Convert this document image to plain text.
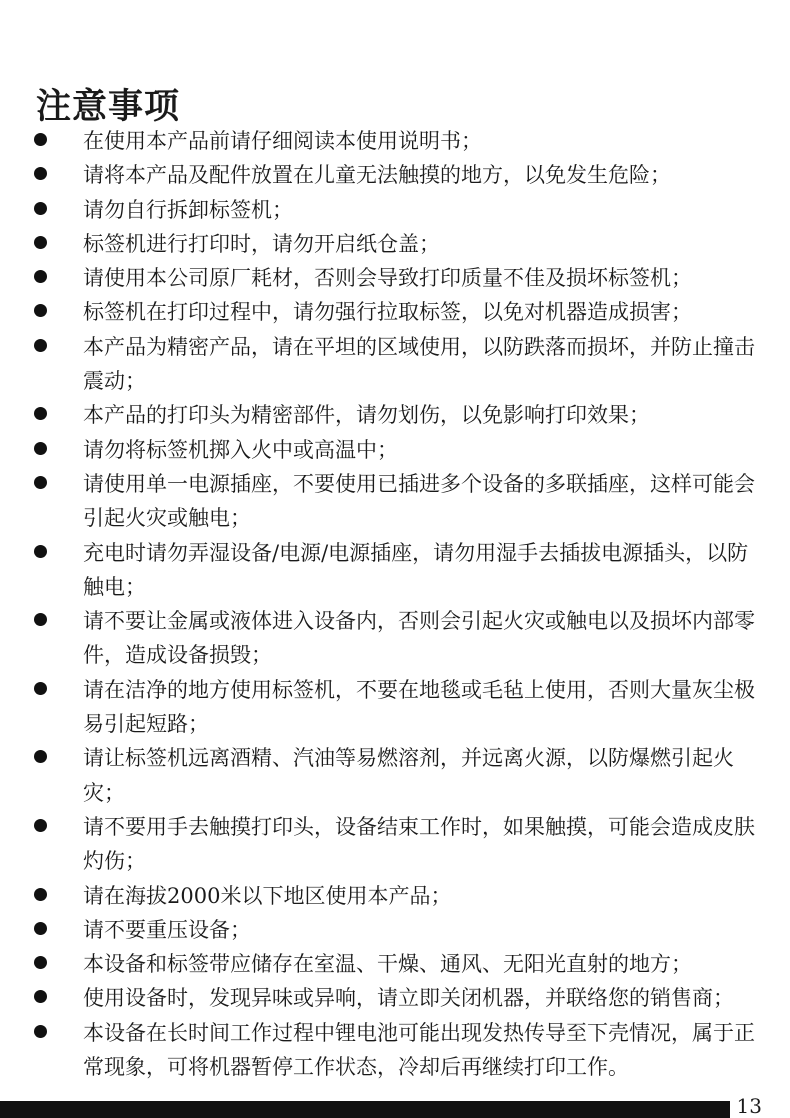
注意事项
在使用本产品前请仔细阅读本使用说明书；
请将本产品及配件放置在儿童无法触摸的地方，以免发生危险；
请勿自行拆卸标签机；
标签机进行打印时，请勿开启纸仓盖；
请使用本公司原厂耗材，否则会导致打印质量不佳及损坏标签机；
标签机在打印过程中，请勿强行拉取标签，以免对机器造成损害；
本产品为精密产品，请在平坦的区域使用，以防跌落而损坏，并防止撞击震动；
本产品的打印头为精密部件，请勿划伤，以免影响打印效果；
请勿将标签机掷入火中或高温中；
请使用单一电源插座，不要使用已插进多个设备的多联插座，这样可能会引起火灾或触电；
充电时请勿弄湿设备/电源/电源插座，请勿用湿手去插拔电源插头，以防触电；
请不要让金属或液体进入设备内，否则会引起火灾或触电以及损坏内部零件，造成设备损毁；
请在洁净的地方使用标签机，不要在地毯或毛毡上使用，否则大量灰尘极易引起短路；
请让标签机远离酒精、汽油等易燃溶剂，并远离火源，以防爆燃引起火灾；
请不要用手去触摸打印头，设备结束工作时，如果触摸，可能会造成皮肤灼伤；
请在海拔2000米以下地区使用本产品；
请不要重压设备；
本设备和标签带应储存在室温、干燥、通风、无阳光直射的地方；
使用设备时，发现异味或异响，请立即关闭机器，并联络您的销售商；
本设备在长时间工作过程中锂电池可能出现发热传导至下壳情况，属于正常现象，可将机器暂停工作状态，冷却后再继续打印工作。
13
